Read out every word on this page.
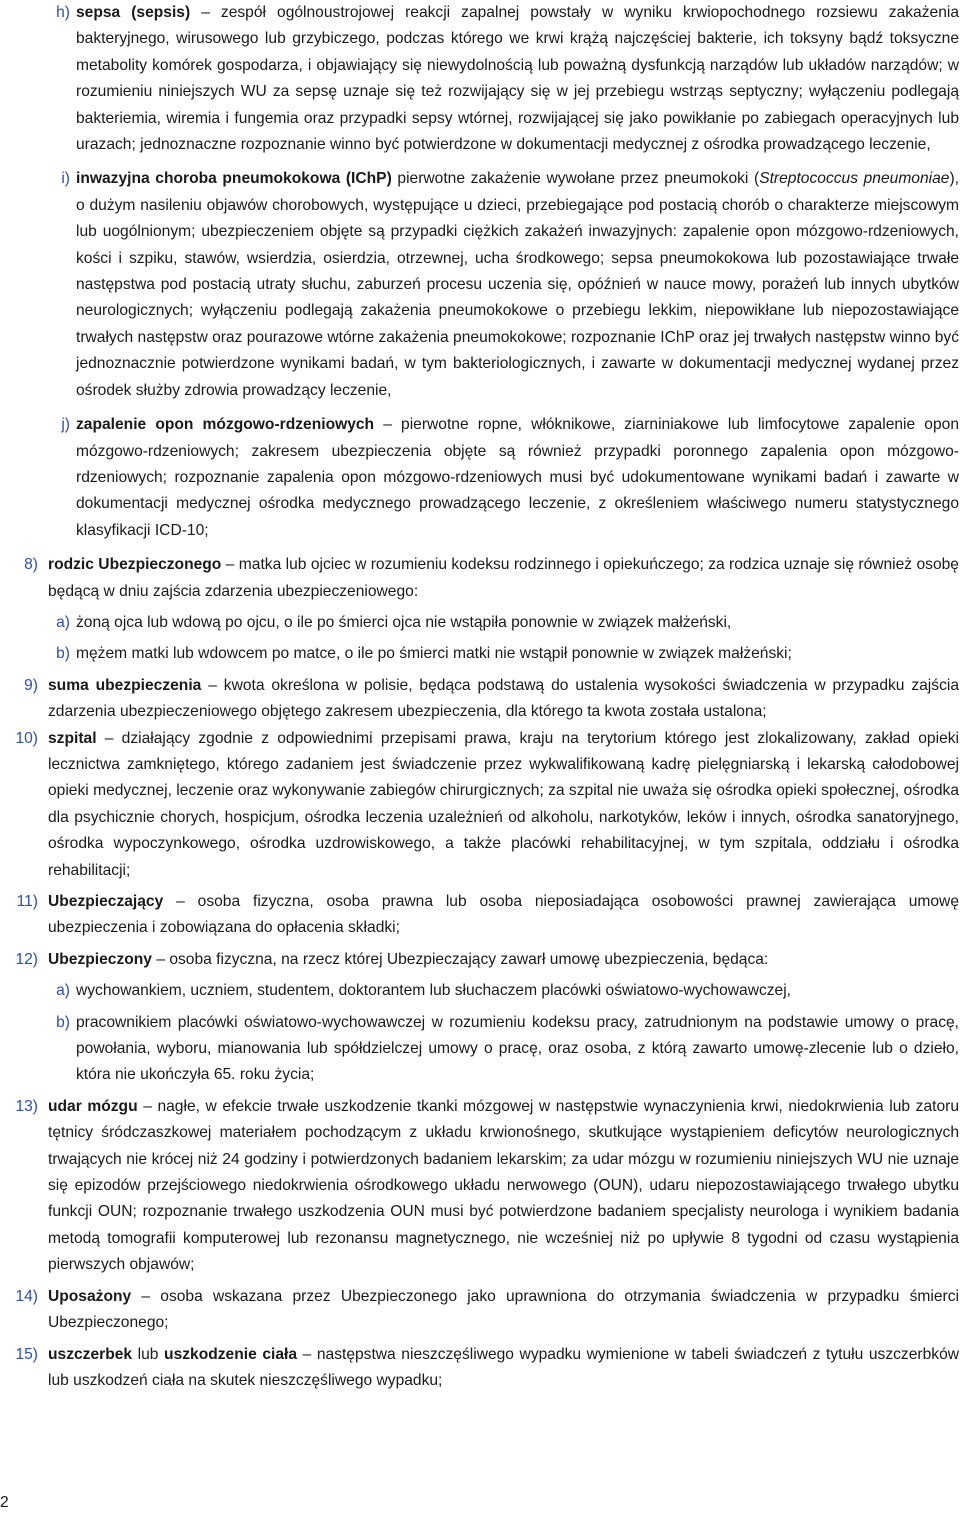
h) sepsa (sepsis) – zespół ogólnoustrojowej reakcji zapalnej powstały w wyniku krwiopochodnego rozsiewu zakażenia bakteryjnego, wirusowego lub grzybiczego, podczas którego we krwi krążą najczęściej bakterie, ich toksyny bądź toksyczne metabolity komórek gospodarza, i objawiający się niewydolnością lub poważną dysfunkcją narządów lub układów narządów; w rozumieniu niniejszych WU za sepsę uznaje się też rozwijający się w jej przebiegu wstrząs septyczny; wyłączeniu podlegają bakteriemia, wiremia i fungemia oraz przypadki sepsy wtórnej, rozwijającej się jako powikłanie po zabiegach operacyjnych lub urazach; jednoznaczne rozpoznanie winno być potwierdzone w dokumentacji medycznej z ośrodka prowadzącego leczenie,
i) inwazyjna choroba pneumokokowa (IChP) pierwotne zakażenie wywołane przez pneumokoki (Streptococcus pneumoniae), o dużym nasileniu objawów chorobowych, występujące u dzieci, przebiegające pod postacią chorób o charakterze miejscowym lub uogólnionym; ubezpieczeniem objęte są przypadki ciężkich zakażeń inwazyjnych: zapalenie opon mózgowo-rdzeniowych, kości i szpiku, stawów, wsierdzia, osierdzia, otrzewnej, ucha środkowego; sepsa pneumokokowa lub pozostawiające trwałe następstwa pod postacią utraty słuchu, zaburzeń procesu uczenia się, opóźnień w nauce mowy, porażeń lub innych ubytków neurologicznych; wyłączeniu podlegają zakażenia pneumokokowe o przebiegu lekkim, niepowikłane lub niepozostawiające trwałych następstw oraz pourazowe wtórne zakażenia pneumokokowe; rozpoznanie IChP oraz jej trwałych następstw winno być jednoznacznie potwierdzone wynikami badań, w tym bakteriologicznych, i zawarte w dokumentacji medycznej wydanej przez ośrodek służby zdrowia prowadzący leczenie,
j) zapalenie opon mózgowo-rdzeniowych – pierwotne ropne, włóknikowe, ziarniniakowe lub limfocytowe zapalenie opon mózgowo-rdzeniowych; zakresem ubezpieczenia objęte są również przypadki poronnego zapalenia opon mózgowo-rdzeniowych; rozpoznanie zapalenia opon mózgowo-rdzeniowych musi być udokumentowane wynikami badań i zawarte w dokumentacji medycznej ośrodka medycznego prowadzącego leczenie, z określeniem właściwego numeru statystycznego klasyfikacji ICD-10;
8) rodzic Ubezpieczonego – matka lub ojciec w rozumieniu kodeksu rodzinnego i opiekuńczego; za rodzica uznaje się również osobę będącą w dniu zajścia zdarzenia ubezpieczeniowego:
a) żoną ojca lub wdową po ojcu, o ile po śmierci ojca nie wstąpiła ponownie w związek małżeński,
b) mężem matki lub wdowcem po matce, o ile po śmierci matki nie wstąpił ponownie w związek małżeński;
9) suma ubezpieczenia – kwota określona w polisie, będąca podstawą do ustalenia wysokości świadczenia w przypadku zajścia zdarzenia ubezpieczeniowego objętego zakresem ubezpieczenia, dla którego ta kwota została ustalona;
10) szpital – działający zgodnie z odpowiednimi przepisami prawa, kraju na terytorium którego jest zlokalizowany, zakład opieki lecznictwa zamkniętego, którego zadaniem jest świadczenie przez wykwalifikowaną kadrę pielęgniarską i lekarską całodobowej opieki medycznej, leczenie oraz wykonywanie zabiegów chirurgicznych; za szpital nie uważa się ośrodka opieki społecznej, ośrodka dla psychicznie chorych, hospicjum, ośrodka leczenia uzależnień od alkoholu, narkotyków, leków i innych, ośrodka sanatoryjnego, ośrodka wypoczynkowego, ośrodka uzdrowiskowego, a także placówki rehabilitacyjnej, w tym szpitala, oddziału i ośrodka rehabilitacji;
11) Ubezpieczający – osoba fizyczna, osoba prawna lub osoba nieposiadająca osobowości prawnej zawierająca umowę ubezpieczenia i zobowiązana do opłacenia składki;
12) Ubezpieczony – osoba fizyczna, na rzecz której Ubezpieczający zawarł umowę ubezpieczenia, będąca:
a) wychowankiem, uczniem, studentem, doktorantem lub słuchaczem placówki oświatowo-wychowawczej,
b) pracownikiem placówki oświatowo-wychowawczej w rozumieniu kodeksu pracy, zatrudnionym na podstawie umowy o pracę, powołania, wyboru, mianowania lub spółdzielczej umowy o pracę, oraz osoba, z którą zawarto umowę-zlecenie lub o dzieło, która nie ukończyła 65. roku życia;
13) udar mózgu – nagłe, w efekcie trwałe uszkodzenie tkanki mózgowej w następstwie wynaczynienia krwi, niedokrwienia lub zatoru tętnicy śródczaszkowej materiałem pochodzącym z układu krwionośnego, skutkujące wystąpieniem deficytów neurologicznych trwających nie krócej niż 24 godziny i potwierdzonych badaniem lekarskim; za udar mózgu w rozumieniu niniejszych WU nie uznaje się epizodów przejściowego niedokrwienia ośrodkowego układu nerwowego (OUN), udaru niepozostawiającego trwałego ubytku funkcji OUN; rozpoznanie trwałego uszkodzenia OUN musi być potwierdzone badaniem specjalisty neurologa i wynikiem badania metodą tomografii komputerowej lub rezonansu magnetycznego, nie wcześniej niż po upływie 8 tygodni od czasu wystąpienia pierwszych objawów;
14) Uposażony – osoba wskazana przez Ubezpieczonego jako uprawniona do otrzymania świadczenia w przypadku śmierci Ubezpieczonego;
15) uszczerbek lub uszkodzenie ciała – następstwa nieszczęśliwego wypadku wymienione w tabeli świadczeń z tytułu uszczerbków lub uszkodzeń ciała na skutek nieszczęśliwego wypadku;
2
